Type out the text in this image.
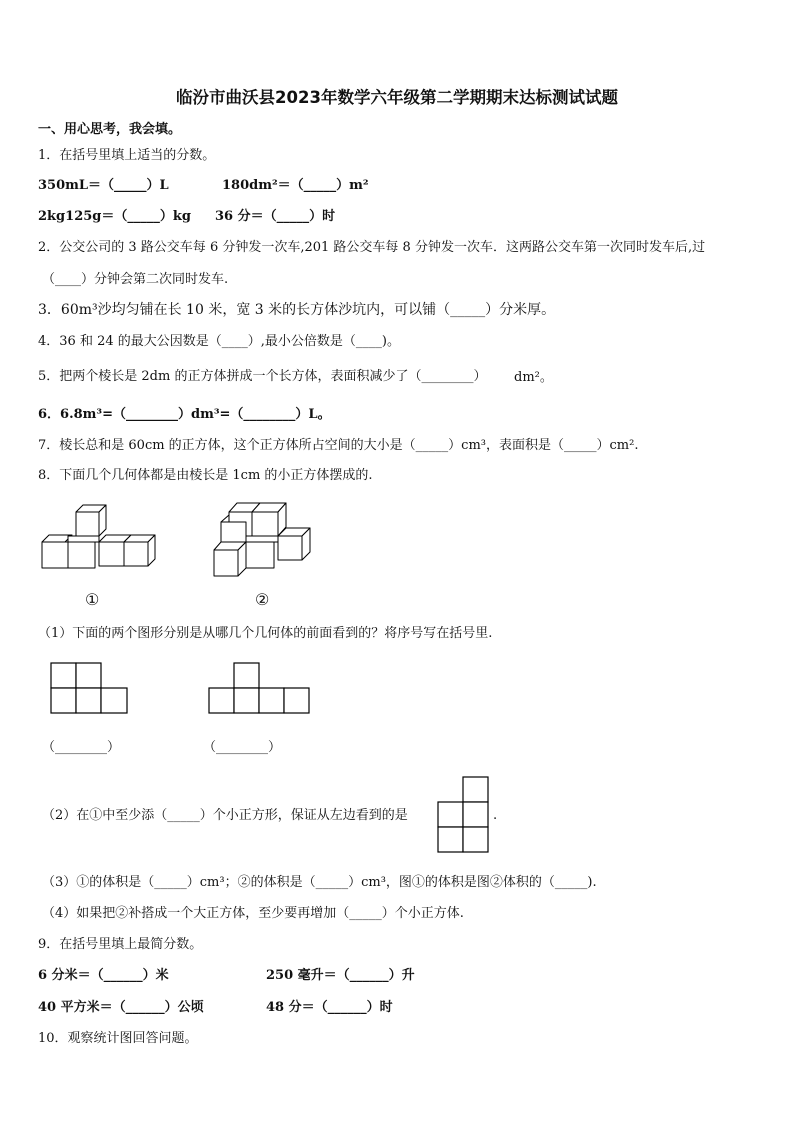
临汾市曲沃县2023年数学六年级第二学期期末达标测试试题
一、用心思考，我会填。
1．在括号里填上适当的分数。
350mL＝（_____）L	180dm²＝（_____）m²
2kg125g＝（_____）kg 36 分＝（_____）时
2．公交公司的 3 路公交车每 6 分钟发一次车,201 路公交车每 8 分钟发一次车．这两路公交车第一次同时发车后,过
（____）分钟会第二次同时发车.
3．60m³沙均匀铺在长 10 米，宽 3 米的长方体沙坑内，可以铺（_____）分米厚。
4．36 和 24 的最大公因数是（____）,最小公倍数是（____)。
5．把两个棱长是 2dm 的正方体拼成一个长方体，表面积减少了（________） dm²。
6．6.8m³=（________）dm³=（________）L。
7．棱长总和是 60cm 的正方体，这个正方体所占空间的大小是（_____）cm³，表面积是（_____）cm².
8．下面几个几何体都是由棱长是 1cm 的小正方体摆成的.
①	②
（1）下面的两个图形分别是从哪几个几何体的前面看到的？将序号写在括号里.
（________）	（________）
（2）在①中至少添（_____）个小正方形，保证从左边看到的是	.
（3）①的体积是（_____）cm³；②的体积是（_____）cm³，图①的体积是图②体积的（_____).
（4）如果把②补搭成一个大正方体，至少要再增加（_____）个小正方体.
9．在括号里填上最简分数。
6 分米＝（______）米	250 毫升＝（______）升
40 平方米＝（______）公顷	48 分＝（______）时
10．观察统计图回答问题。
